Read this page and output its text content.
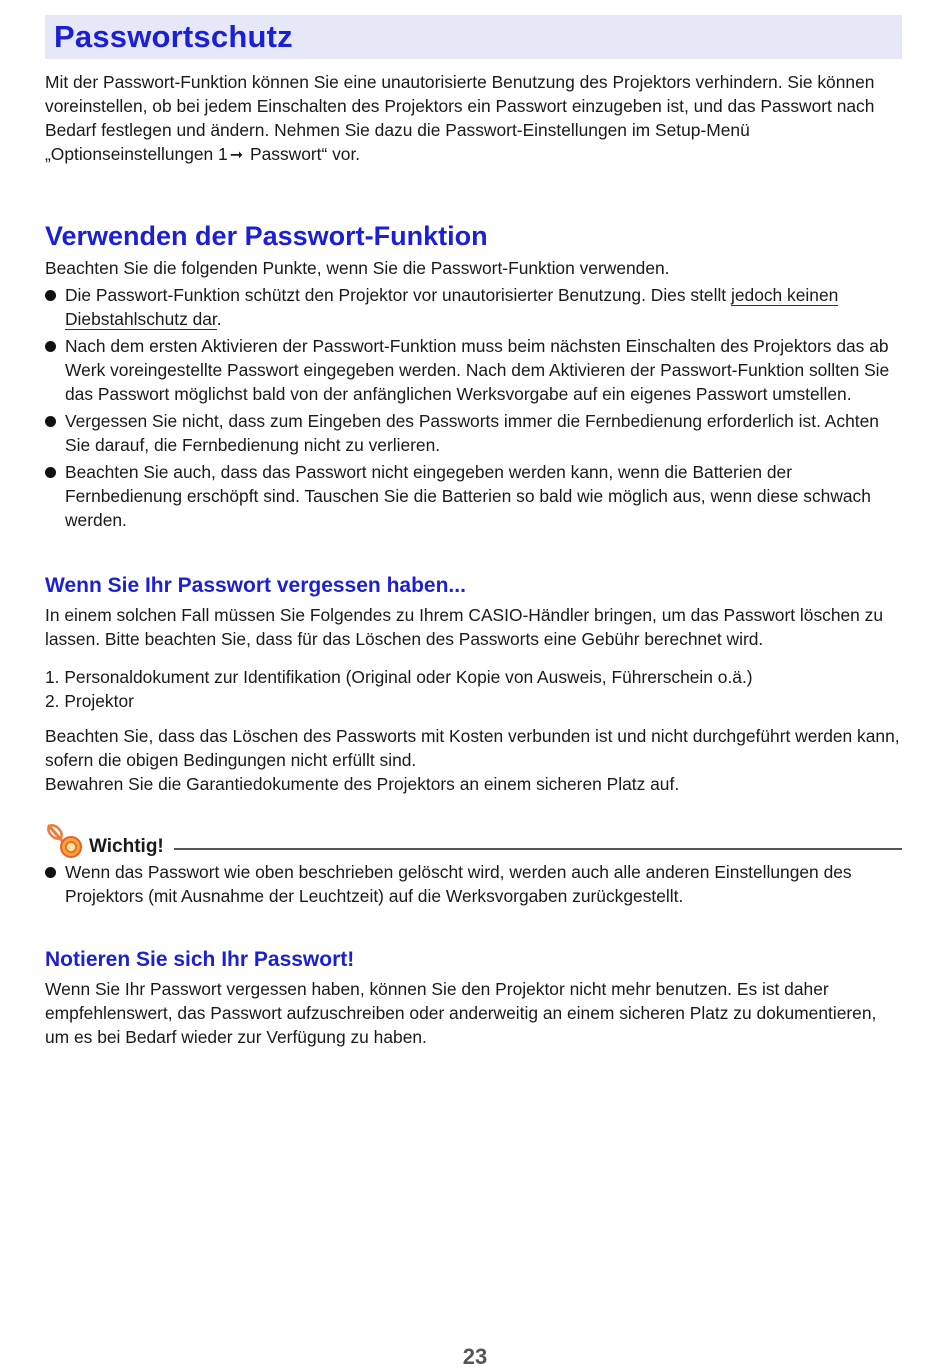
Passwortschutz

Mit der Passwort-Funktion können Sie eine unautorisierte Benutzung des Projektors verhindern. Sie können voreinstellen, ob bei jedem Einschalten des Projektors ein Passwort einzugeben ist, und das Passwort nach Bedarf festlegen und ändern. Nehmen Sie dazu die Passwort-Einstellungen im Setup-Menü „Optionseinstellungen 1 ➞ Passwort“ vor.

Verwenden der Passwort-Funktion

Beachten Sie die folgenden Punkte, wenn Sie die Passwort-Funktion verwenden.

Die Passwort-Funktion schützt den Projektor vor unautorisierter Benutzung. Dies stellt jedoch keinen Diebstahlschutz dar.
Nach dem ersten Aktivieren der Passwort-Funktion muss beim nächsten Einschalten des Projektors das ab Werk voreingestellte Passwort eingegeben werden. Nach dem Aktivieren der Passwort-Funktion sollten Sie das Passwort möglichst bald von der anfänglichen Werksvorgabe auf ein eigenes Passwort umstellen.
Vergessen Sie nicht, dass zum Eingeben des Passworts immer die Fernbedienung erforderlich ist. Achten Sie darauf, die Fernbedienung nicht zu verlieren.
Beachten Sie auch, dass das Passwort nicht eingegeben werden kann, wenn die Batterien der Fernbedienung erschöpft sind. Tauschen Sie die Batterien so bald wie möglich aus, wenn diese schwach werden.
Wenn Sie Ihr Passwort vergessen haben...

In einem solchen Fall müssen Sie Folgendes zu Ihrem CASIO-Händler bringen, um das Passwort löschen zu lassen. Bitte beachten Sie, dass für das Löschen des Passworts eine Gebühr berechnet wird.

1. Personaldokument zur Identifikation (Original oder Kopie von Ausweis, Führerschein o.ä.)
2. Projektor

Beachten Sie, dass das Löschen des Passworts mit Kosten verbunden ist und nicht durchgeführt werden kann, sofern die obigen Bedingungen nicht erfüllt sind.

Bewahren Sie die Garantiedokumente des Projektors an einem sicheren Platz auf.

Wichtig!
Wenn das Passwort wie oben beschrieben gelöscht wird, werden auch alle anderen Einstellungen des Projektors (mit Ausnahme der Leuchtzeit) auf die Werksvorgaben zurückgestellt.
Notieren Sie sich Ihr Passwort!

Wenn Sie Ihr Passwort vergessen haben, können Sie den Projektor nicht mehr benutzen. Es ist daher empfehlenswert, das Passwort aufzuschreiben oder anderweitig an einem sicheren Platz zu dokumentieren, um es bei Bedarf wieder zur Verfügung zu haben.

23
